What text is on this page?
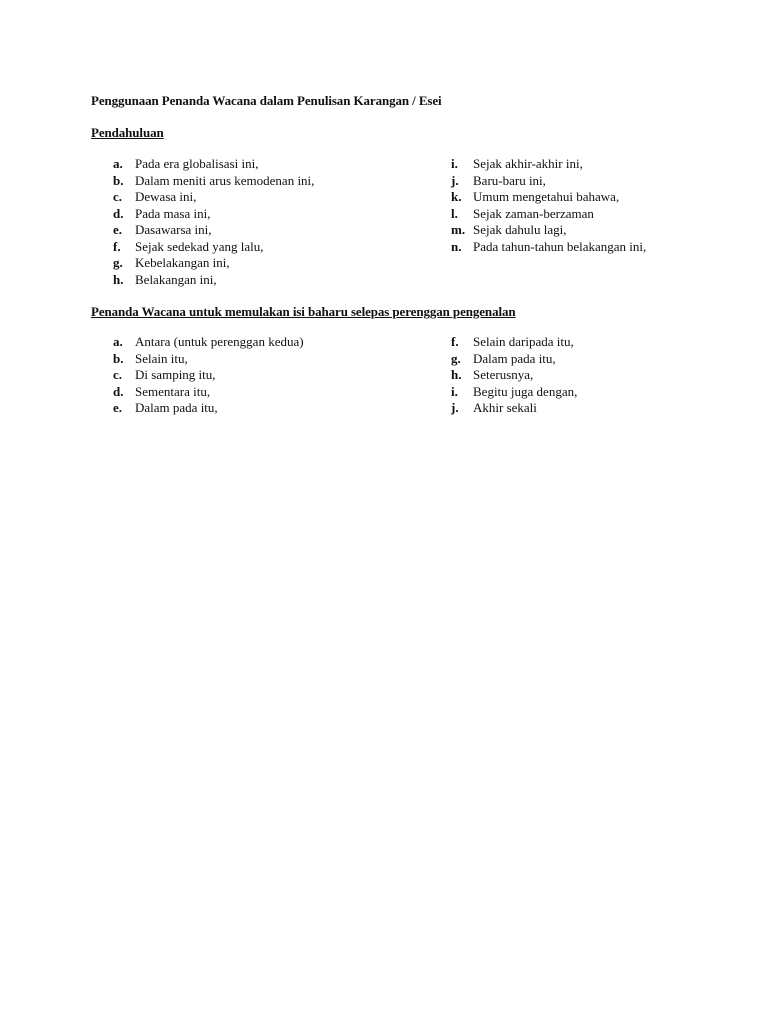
Penggunaan Penanda Wacana dalam Penulisan Karangan / Esei

Pendahuluan

a. Pada era globalisasi ini,
b. Dalam meniti arus kemodenan ini,
c. Dewasa ini,
d. Pada masa ini,
e. Dasawarsa ini,
f. Sejak sedekad yang lalu,
g. Kebelakangan ini,
h. Belakangan ini,
i. Sejak akhir-akhir ini,
j. Baru-baru ini,
k. Umum mengetahui bahawa,
l. Sejak zaman-berzaman
m. Sejak dahulu lagi,
n. Pada tahun-tahun belakangan ini,

Penanda Wacana untuk memulakan isi baharu selepas perenggan pengenalan

a. Antara (untuk perenggan kedua)
b. Selain itu,
c. Di samping itu,
d. Sementara itu,
e. Dalam pada itu,
f. Selain daripada itu,
g. Dalam pada itu,
h. Seterusnya,
i. Begitu juga dengan,
j. Akhir sekali
